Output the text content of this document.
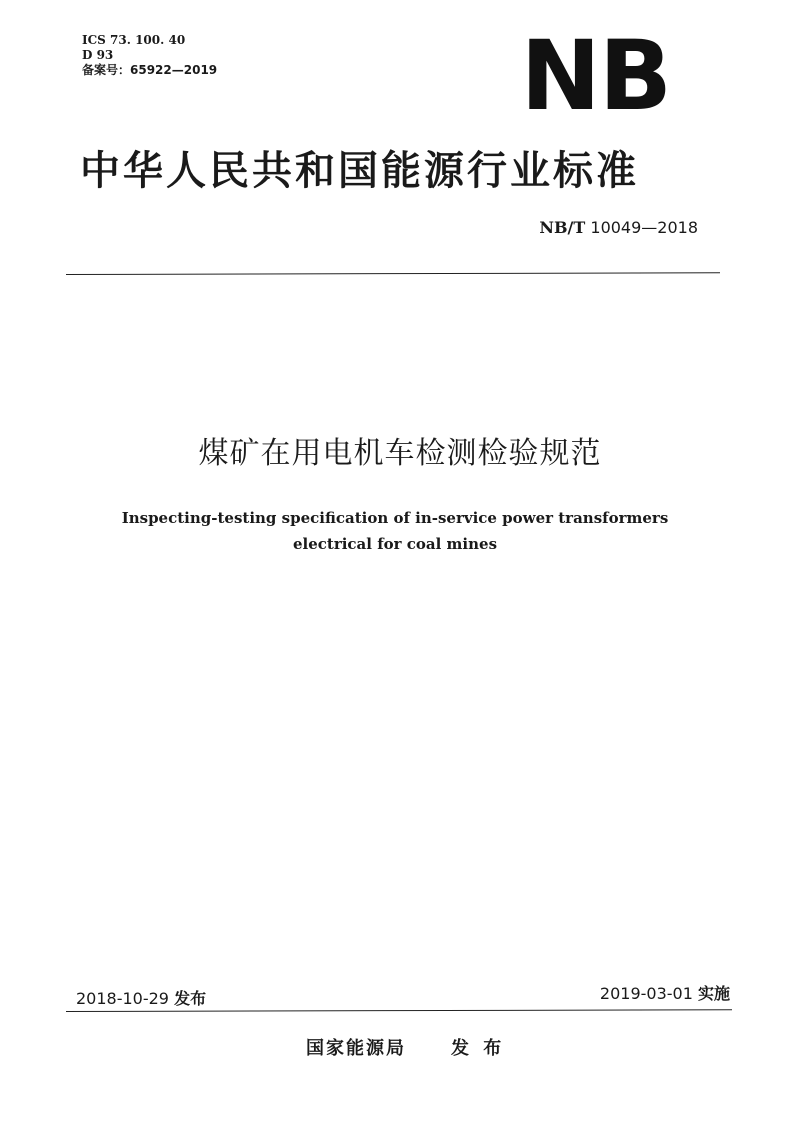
ICS 73. 100. 40
D 93
备案号：65922—2019	NB
中华人民共和国能源行业标准
NB/T 10049—2018
煤矿在用电机车检测检验规范
Inspecting-testing specification of in-service power transformers
electrical for coal mines
2018-10-29 发布	2019-03-01 实施
国家能源局	发 布
